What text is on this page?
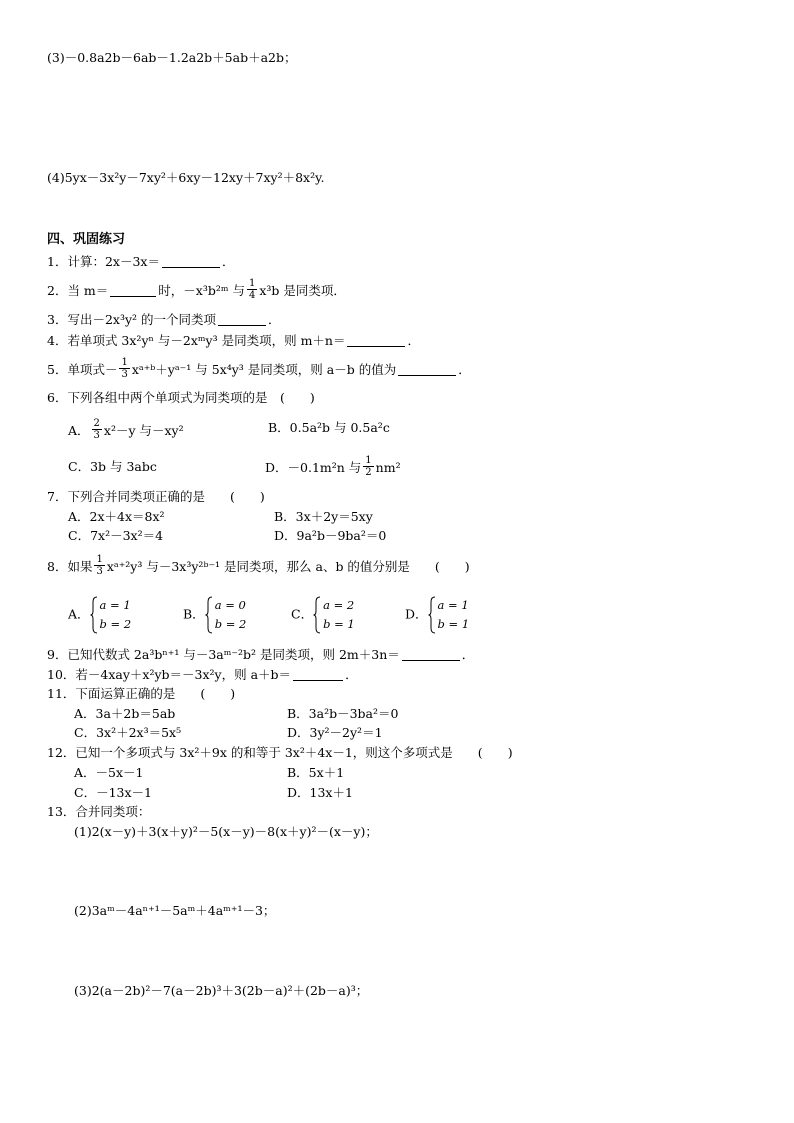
(3)－0.8a2b－6ab－1.2a2b＋5ab＋a2b；
(4)5yx－3x²y－7xy²＋6xy－12xy＋7xy²＋8x²y.
四、巩固练习
1．计算：2x－3x＝	．
2．当 m＝	时，－x³b²ᵐ 与 $\frac{1}{4} x^3b$ 是同类项．
3．写出－2x³y² 的一个同类项	．
4．若单项式 3x²yⁿ 与－2xᵐy³ 是同类项，则 m＋n＝	．
5．单项式－ $\frac{1}{3}$ xᵃ⁺ᵇ＋yᵃ⁻¹ 与 5x⁴y³ 是同类项，则 a－b 的值为	．
6．下列各组中两个单项式为同类项的是　(　　)
A． $\frac{2}{3} x^2-y$ 与－xy²	B．0.5a²b 与 0.5a²c
C．3b 与 3abc	D．－0.1m²n 与 $\frac{1}{2} nm^2$
7．下列合并同类项正确的是　　(　　)
A．2x＋4x＝8x²	B．3x＋2y＝5xy
C．7x²－3x²＝4	D．9a²b－9ba²＝0
8．如果 $\frac{1}{3}$ xᵃ⁺²y³ 与－3x³y²ᵇ⁻¹ 是同类项，那么 a、b 的值分别是　　(　　)
A．
a = 1
b = 2
B．
a = 0
b = 2
C．
a = 2
b = 1
D．
a = 1
b = 1
9．已知代数式 2a³bⁿ⁺¹ 与－3aᵐ⁻²b² 是同类项，则 2m＋3n＝	．
10．若－4xay＋x²yb＝－3x²y，则 a＋b＝	．
11．下面运算正确的是　　(　　)
A．3a＋2b＝5ab	B．3a²b－3ba²＝0
C．3x²＋2x³＝5x⁵	D．3y²－2y²＝1
12．已知一个多项式与 3x²＋9x 的和等于 3x²＋4x－1，则这个多项式是　　(　　)
A．－5x－1	B．5x＋1
C．－13x－1	D．13x＋1
13．合并同类项：
(1)2(x－y)＋3(x＋y)²－5(x－y)－8(x＋y)²－(x－y)；
(2)3aᵐ－4aⁿ⁺¹－5aᵐ＋4aᵐ⁺¹－3；
(3)2(a－2b)²－7(a－2b)³＋3(2b－a)²＋(2b－a)³；
